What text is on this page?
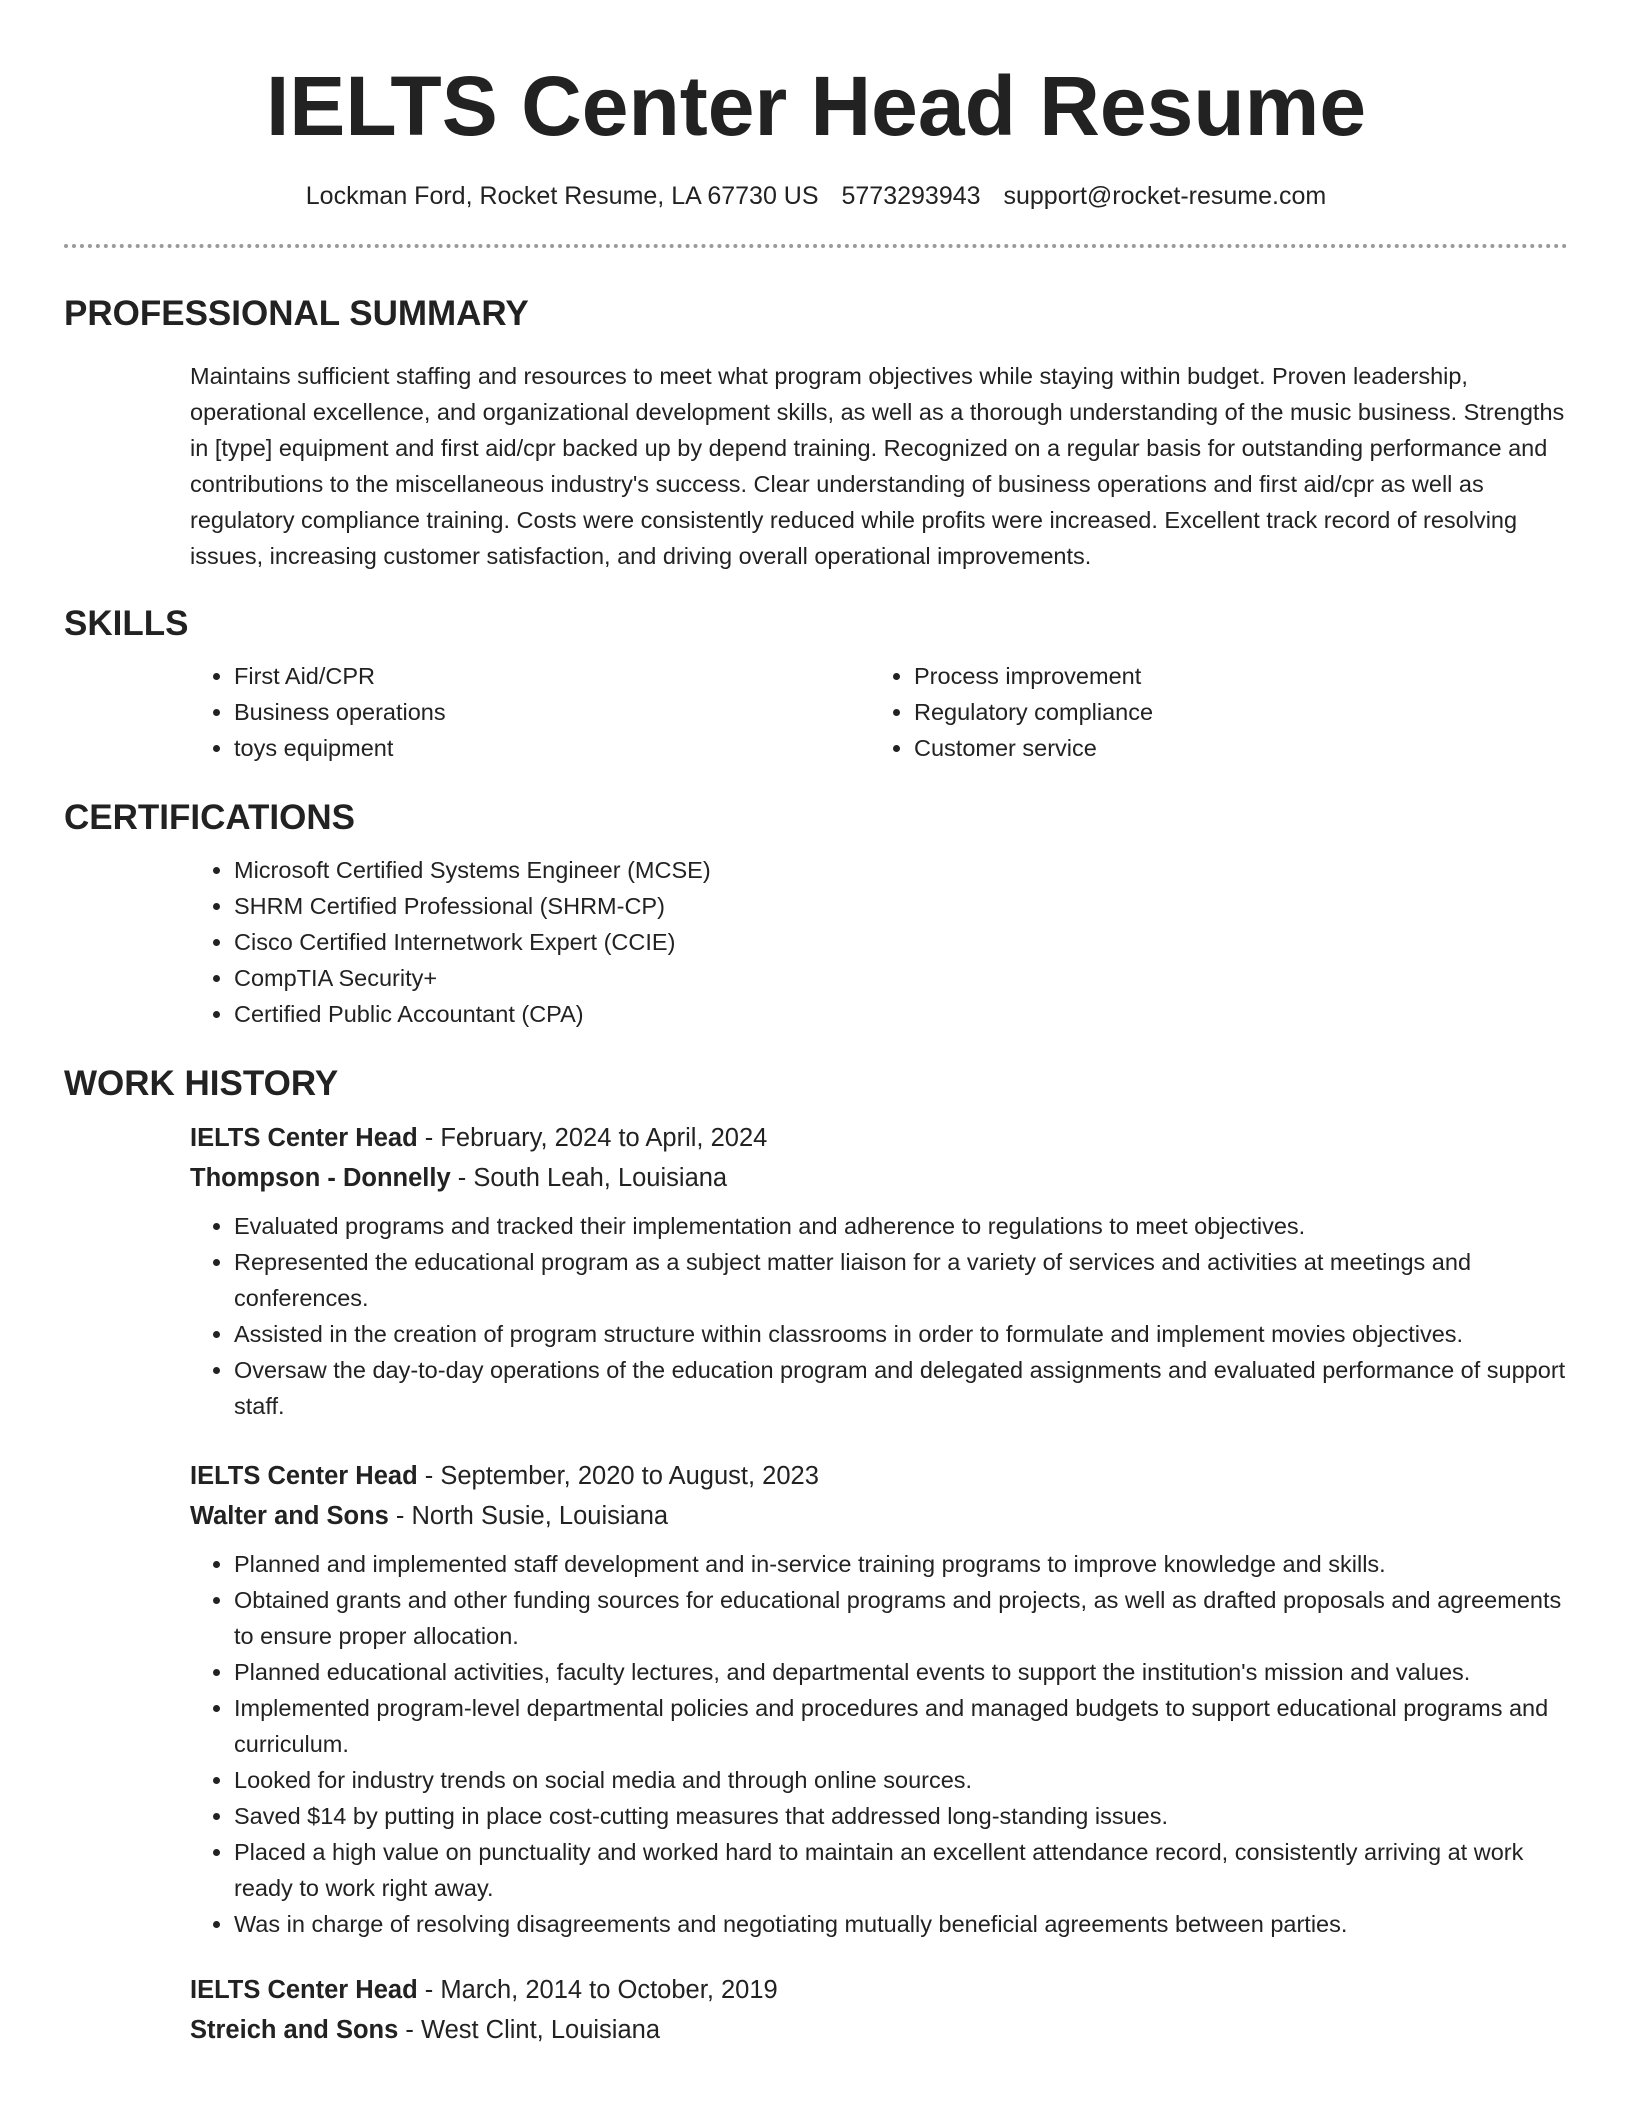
IELTS Center Head Resume
Lockman Ford, Rocket Resume, LA 67730 US 5773293943 support@rocket-resume.com
PROFESSIONAL SUMMARY

Maintains sufficient staffing and resources to meet what program objectives while staying within budget. Proven leadership, operational excellence, and organizational development skills, as well as a thorough understanding of the music business. Strengths in [type] equipment and first aid/cpr backed up by depend training. Recognized on a regular basis for outstanding performance and contributions to the miscellaneous industry's success. Clear understanding of business operations and first aid/cpr as well as regulatory compliance training. Costs were consistently reduced while profits were increased. Excellent track record of resolving issues, increasing customer satisfaction, and driving overall operational improvements.

SKILLS
• First Aid/CPR
• Business operations
• toys equipment
• Process improvement
• Regulatory compliance
• Customer service
CERTIFICATIONS
• Microsoft Certified Systems Engineer (MCSE)
• SHRM Certified Professional (SHRM-CP)
• Cisco Certified Internetwork Expert (CCIE)
• CompTIA Security+
• Certified Public Accountant (CPA)
WORK HISTORY
IELTS Center Head - February, 2024 to April, 2024
Thompson - Donnelly - South Leah, Louisiana
• Evaluated programs and tracked their implementation and adherence to regulations to meet objectives.
• Represented the educational program as a subject matter liaison for a variety of services and activities at meetings and conferences.
• Assisted in the creation of program structure within classrooms in order to formulate and implement movies objectives.
• Oversaw the day-to-day operations of the education program and delegated assignments and evaluated performance of support staff.
IELTS Center Head - September, 2020 to August, 2023
Walter and Sons - North Susie, Louisiana
• Planned and implemented staff development and in-service training programs to improve knowledge and skills.
• Obtained grants and other funding sources for educational programs and projects, as well as drafted proposals and agreements to ensure proper allocation.
• Planned educational activities, faculty lectures, and departmental events to support the institution's mission and values.
• Implemented program-level departmental policies and procedures and managed budgets to support educational programs and curriculum.
• Looked for industry trends on social media and through online sources.
• Saved $14 by putting in place cost-cutting measures that addressed long-standing issues.
• Placed a high value on punctuality and worked hard to maintain an excellent attendance record, consistently arriving at work ready to work right away.
• Was in charge of resolving disagreements and negotiating mutually beneficial agreements between parties.
IELTS Center Head - March, 2014 to October, 2019
Streich and Sons - West Clint, Louisiana
